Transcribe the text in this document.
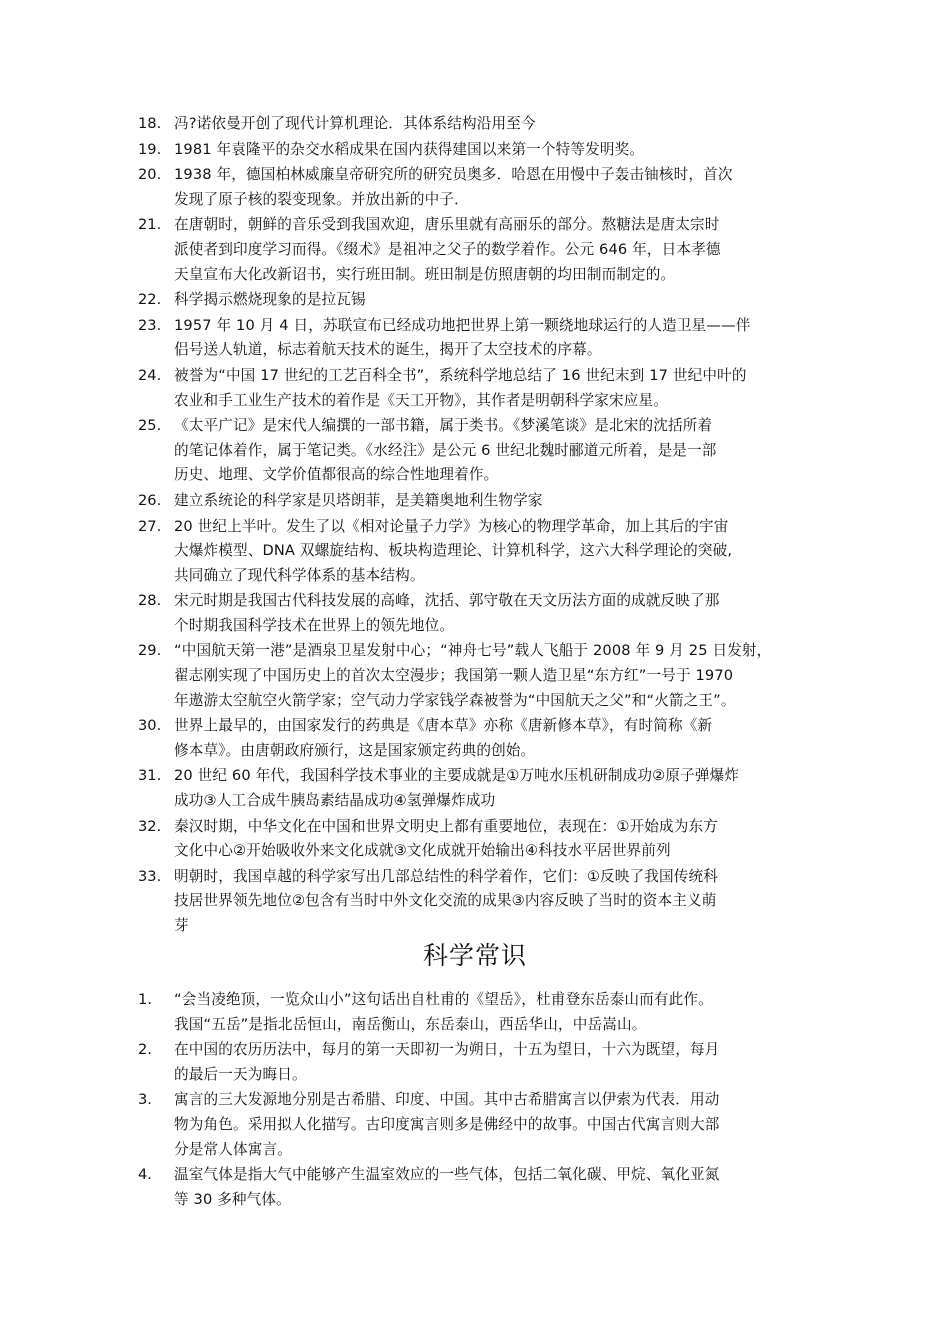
18. 冯?诺依曼开创了现代计算机理论．其体系结构沿用至今
19. 1981 年袁隆平的杂交水稻成果在国内获得建国以来第一个特等发明奖。
20. 1938 年，德国柏林威廉皇帝研究所的研究员奥多．哈恩在用慢中子轰击铀核时，首次
发现了原子核的裂变现象。并放出新的中子．
21. 在唐朝时，朝鲜的音乐受到我国欢迎，唐乐里就有高丽乐的部分。熬糖法是唐太宗时
派使者到印度学习而得。《缀术》是祖冲之父子的数学着作。公元 646 年，日本孝德
天皇宣布大化改新诏书，实行班田制。班田制是仿照唐朝的均田制而制定的。
22. 科学揭示燃烧现象的是拉瓦锡
23. 1957 年 10 月 4 日，苏联宣布已经成功地把世界上第一颗绕地球运行的人造卫星——伴
侣号送人轨道，标志着航天技术的诞生，揭开了太空技术的序幕。
24. 被誉为“中国 17 世纪的工艺百科全书”，系统科学地总结了 16 世纪末到 17 世纪中叶的
农业和手工业生产技术的着作是《天工开物》，其作者是明朝科学家宋应星。
25. 《太平广记》是宋代人编撰的一部书籍，属于类书。《梦溪笔谈》是北宋的沈括所着
的笔记体着作，属于笔记类。《水经注》是公元 6 世纪北魏时郦道元所着，是是一部
历史、地理、文学价值都很高的综合性地理着作。
26. 建立系统论的科学家是贝塔朗菲，是美籍奥地利生物学家
27. 20 世纪上半叶。发生了以《相对论量子力学》为核心的物理学革命，加上其后的宇宙
大爆炸模型、DNA 双螺旋结构、板块构造理论、计算机科学，这六大科学理论的突破,
共同确立了现代科学体系的基本结构。
28. 宋元时期是我国古代科技发展的高峰，沈括、郭守敬在天文历法方面的成就反映了那
个时期我国科学技术在世界上的领先地位。
29. “中国航天第一港”是酒泉卫星发射中心；“神舟七号”载人飞船于 2008 年 9 月 25 日发射，
翟志刚实现了中国历史上的首次太空漫步；我国第一颗人造卫星“东方红”一号于 1970
年遨游太空航空火箭学家；空气动力学家钱学森被誉为“中国航天之父”和“火箭之王”。
30. 世界上最早的，由国家发行的药典是《唐本草》亦称《唐新修本草》，有时简称《新
修本草》。由唐朝政府颁行，这是国家颁定药典的创始。
31. 20 世纪 60 年代，我国科学技术事业的主要成就是①万吨水压机研制成功②原子弹爆炸
成功③人工合成牛胰岛素结晶成功④氢弹爆炸成功
32. 秦汉时期，中华文化在中国和世界文明史上都有重要地位，表现在：①开始成为东方
文化中心②开始吸收外来文化成就③文化成就开始输出④科技水平居世界前列
33. 明朝时，我国卓越的科学家写出几部总结性的科学着作，它们：①反映了我国传统科
技居世界领先地位②包含有当时中外文化交流的成果③内容反映了当时的资本主义萌
芽
科学常识
1.	“会当凌绝顶，一览众山小”这句话出自杜甫的《望岳》，杜甫登东岳泰山而有此作。
我国“五岳”是指北岳恒山，南岳衡山，东岳泰山，西岳华山，中岳嵩山。
2.	在中国的农历历法中，每月的第一天即初一为朔日，十五为望日，十六为既望，每月
的最后一天为晦日。
3.	寓言的三大发源地分别是古希腊、印度、中国。其中古希腊寓言以伊索为代表．用动
物为角色。采用拟人化描写。古印度寓言则多是佛经中的故事。中国古代寓言则大部
分是常人体寓言。
4.	温室气体是指大气中能够产生温室效应的一些气体，包括二氧化碳、甲烷、氧化亚氮
等 30 多种气体。
